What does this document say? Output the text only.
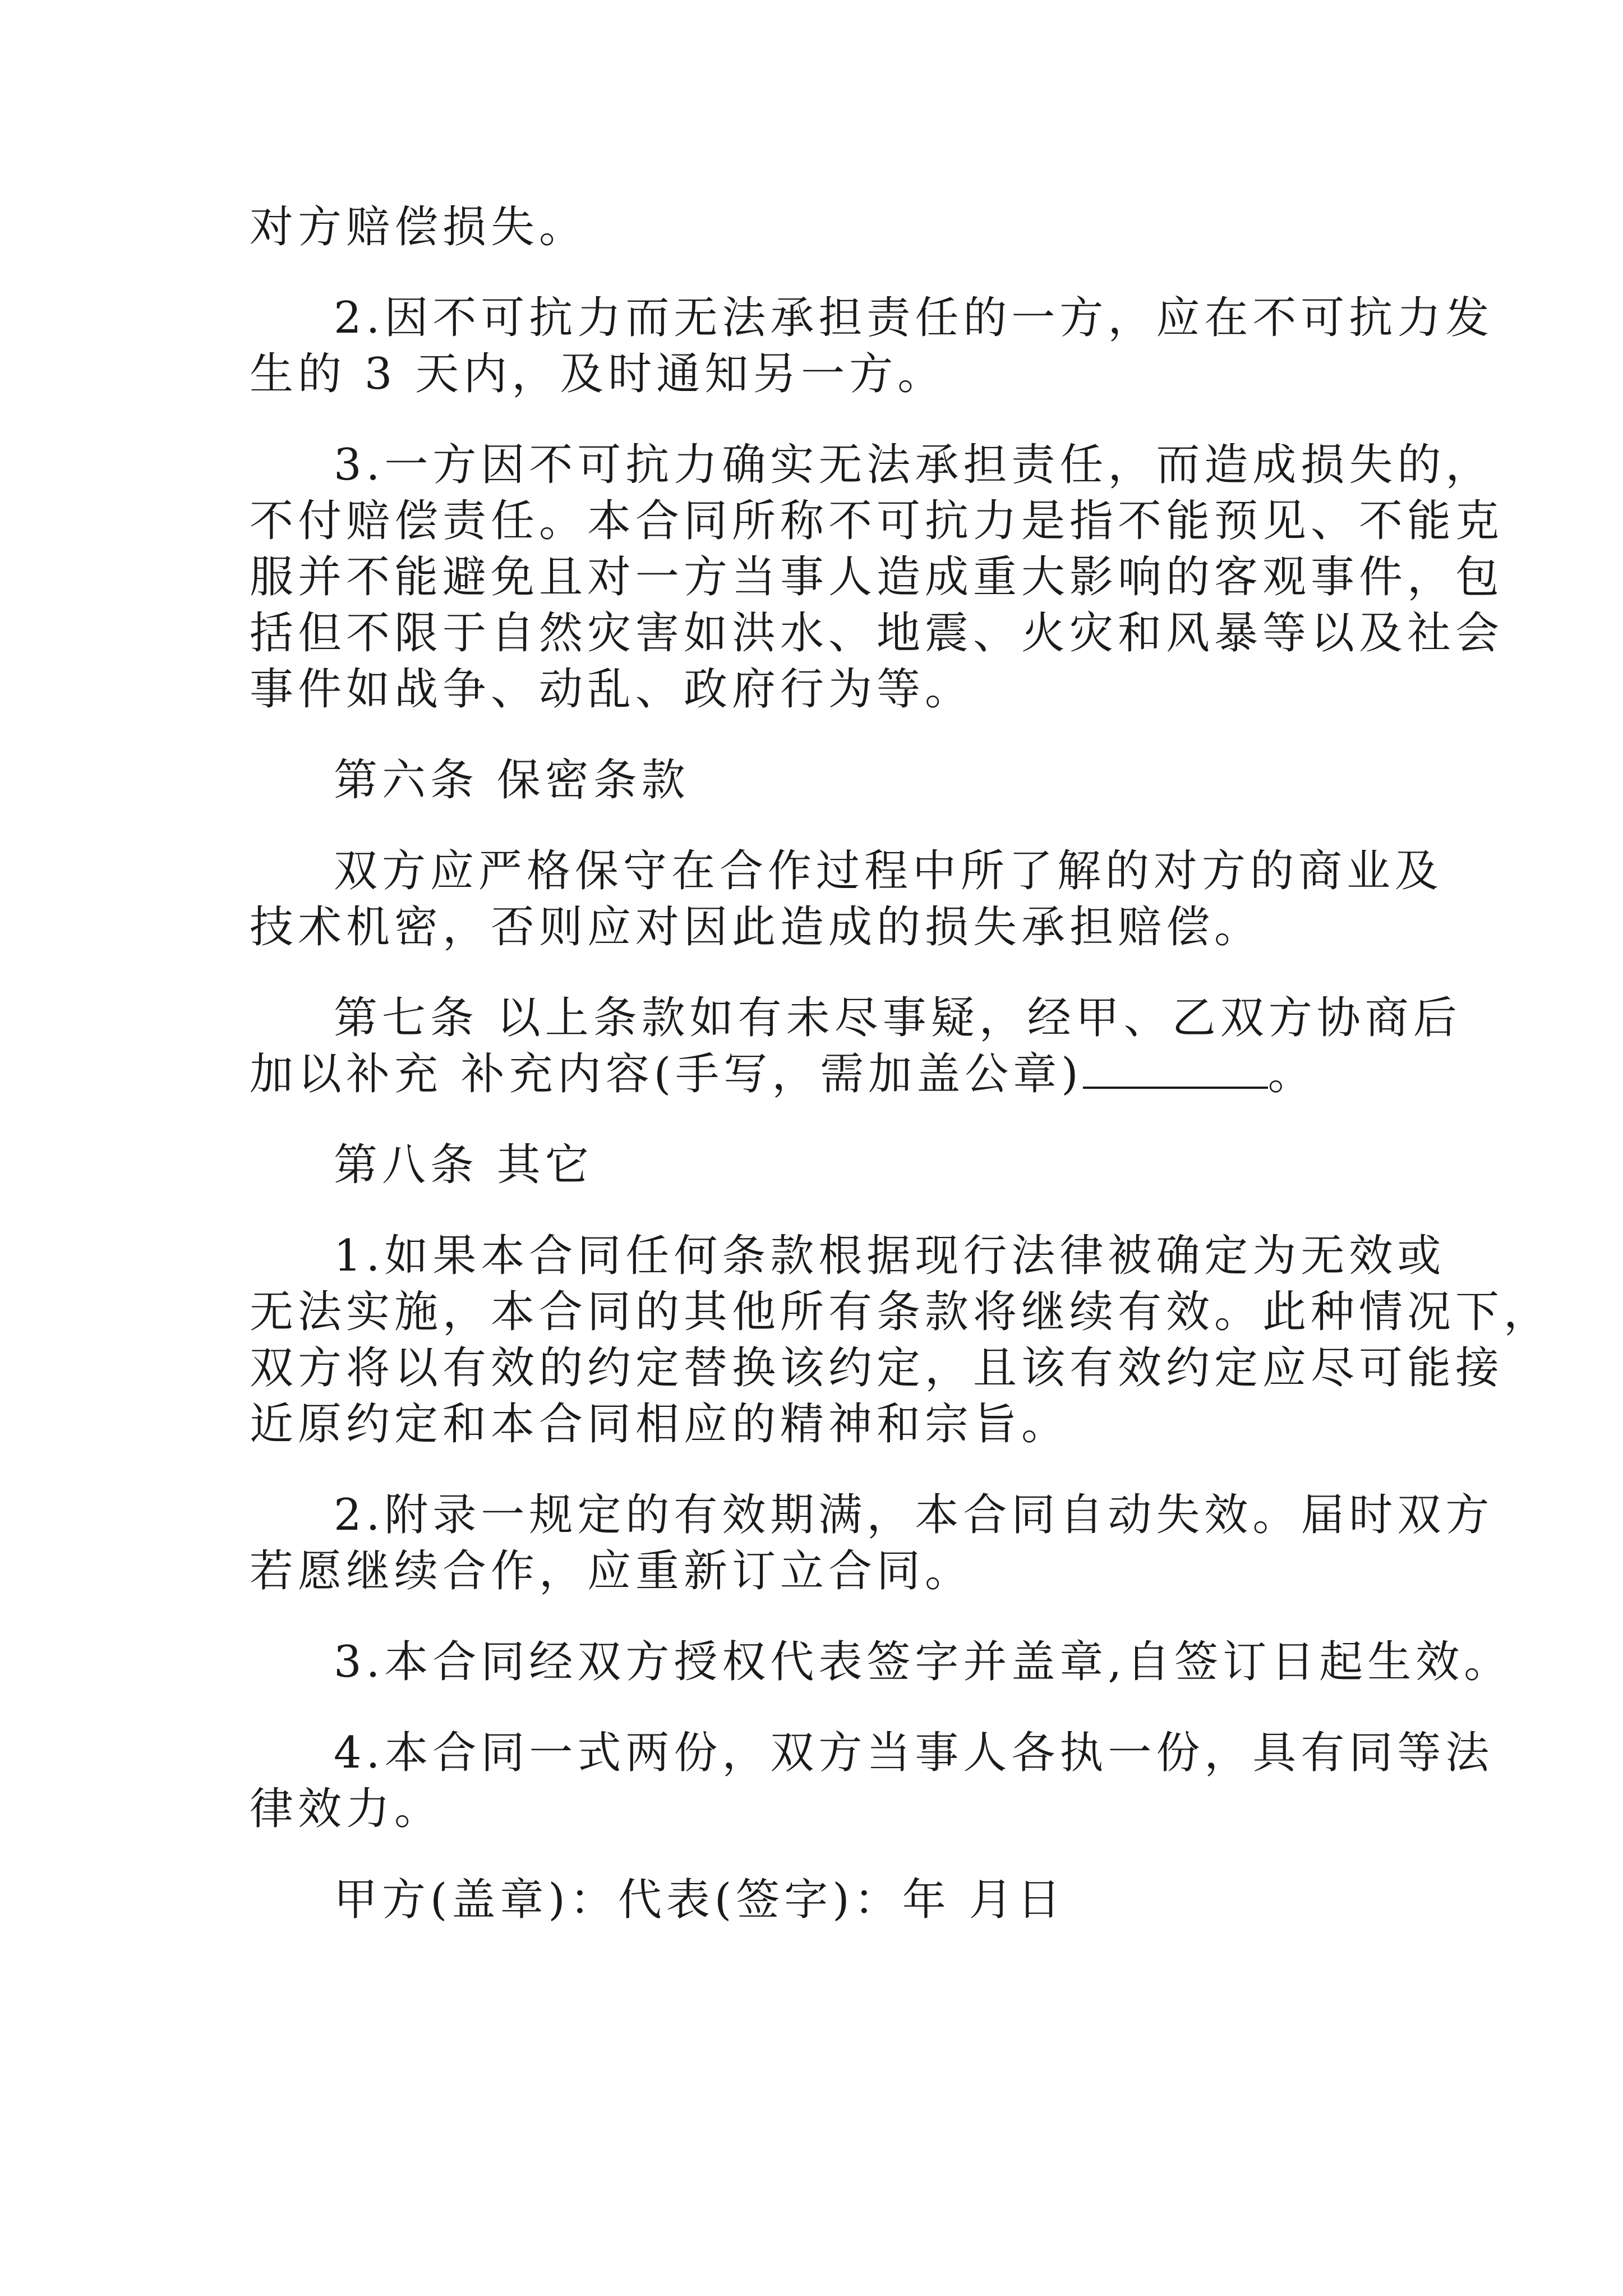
对方赔偿损失。

2.因不可抗力而无法承担责任的一方，应在不可抗力发

生的 3 天内，及时通知另一方。

3.一方因不可抗力确实无法承担责任，而造成损失的，

不付赔偿责任。本合同所称不可抗力是指不能预见、不能克

服并不能避免且对一方当事人造成重大影响的客观事件，包

括但不限于自然灾害如洪水、地震、火灾和风暴等以及社会

事件如战争、动乱、政府行为等。

第六条 保密条款

双方应严格保守在合作过程中所了解的对方的商业及

技术机密，否则应对因此造成的损失承担赔偿。

第七条 以上条款如有未尽事疑，经甲、乙双方协商后

加以补充 补充内容(手写，需加盖公章)	。

第八条 其它

1.如果本合同任何条款根据现行法律被确定为无效或

无法实施，本合同的其他所有条款将继续有效。此种情况下，

双方将以有效的约定替换该约定，且该有效约定应尽可能接

近原约定和本合同相应的精神和宗旨。

2.附录一规定的有效期满，本合同自动失效。届时双方

若愿继续合作，应重新订立合同。

3.本合同经双方授权代表签字并盖章,自签订日起生效。

4.本合同一式两份，双方当事人各执一份，具有同等法

律效力。

甲方(盖章)：代表(签字)：年 月日
